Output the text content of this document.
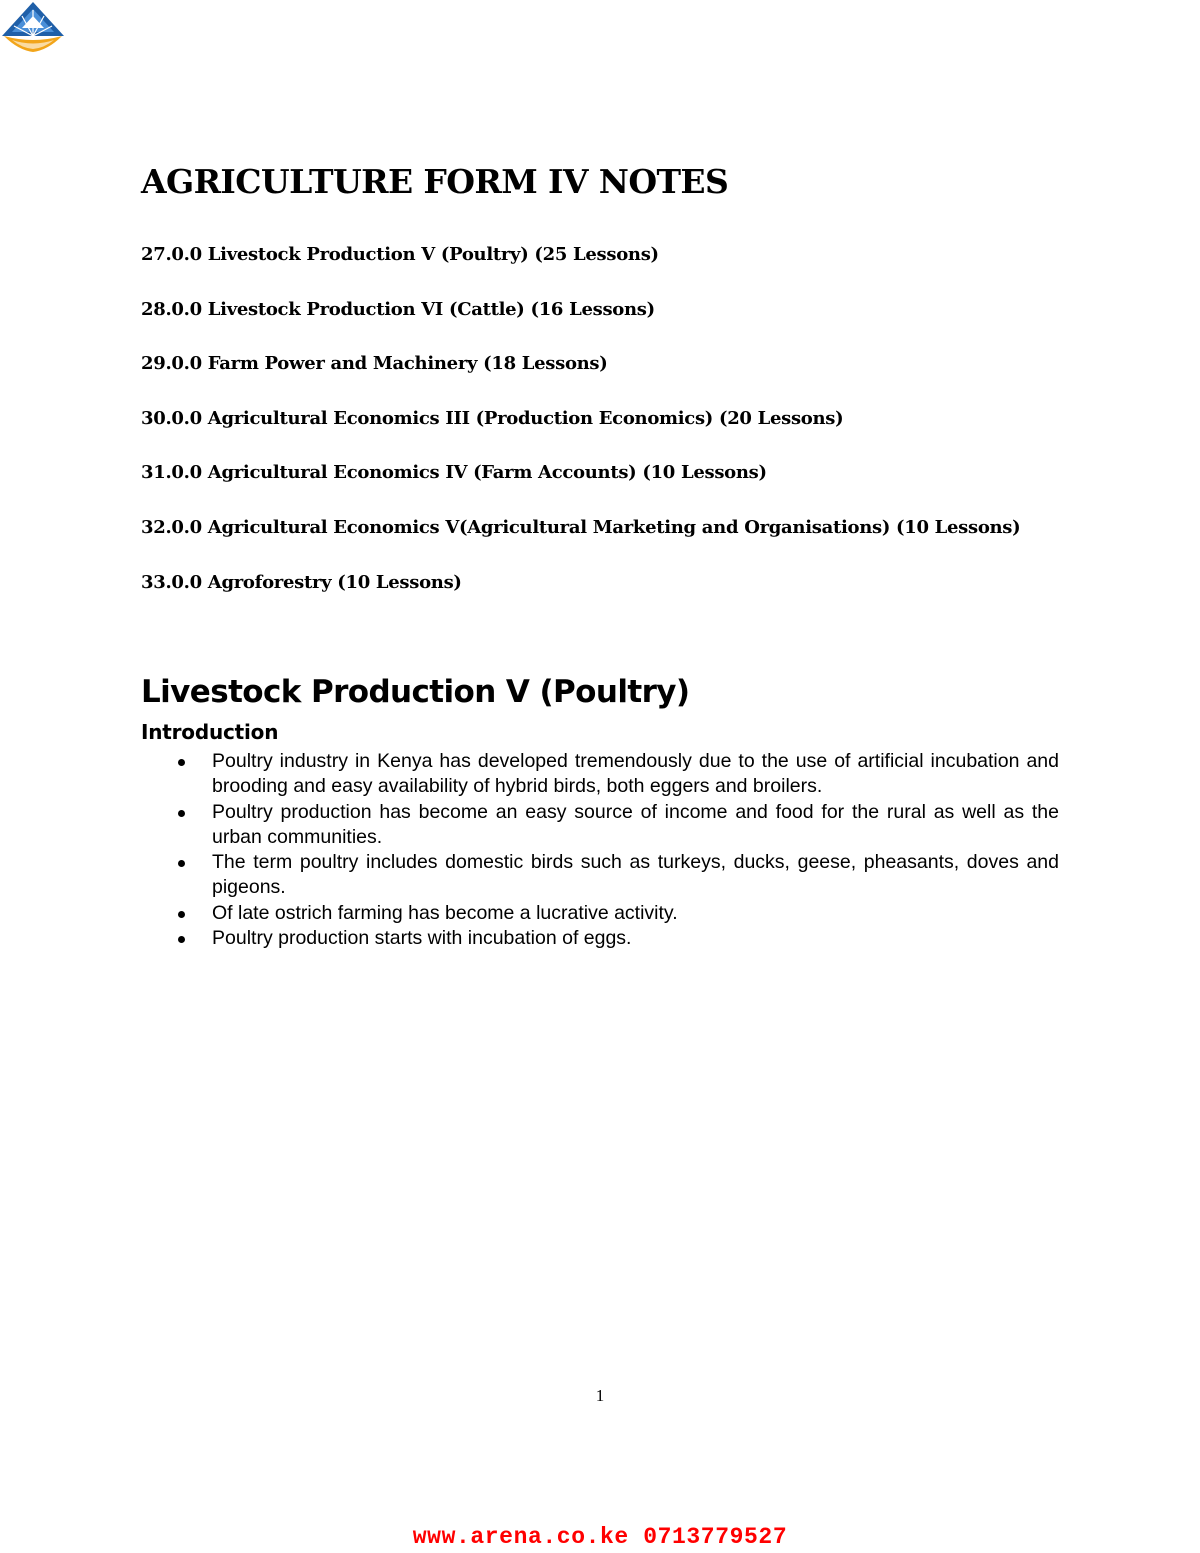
AGRICULTURE FORM IV NOTES
27.0.0 Livestock Production V (Poultry) (25 Lessons)
28.0.0 Livestock Production VI (Cattle) (16 Lessons)
29.0.0 Farm Power and Machinery (18 Lessons)
30.0.0 Agricultural Economics III (Production Economics) (20 Lessons)
31.0.0 Agricultural Economics IV (Farm Accounts) (10 Lessons)
32.0.0 Agricultural Economics V(Agricultural Marketing and Organisations) (10 Lessons)
33.0.0 Agroforestry (10 Lessons)
Livestock Production V (Poultry)
Introduction
Poultry industry in Kenya has developed tremendously due to the use of artificial incubation and brooding and easy availability of hybrid birds, both eggers and broilers.
Poultry production has become an easy source of income and food for the rural as well as the urban communities.
The term poultry includes domestic birds such as turkeys, ducks, geese, pheasants, doves and pigeons.
Of late ostrich farming has become a lucrative activity.
Poultry production starts with incubation of eggs.
1
www.arena.co.ke 0713779527
